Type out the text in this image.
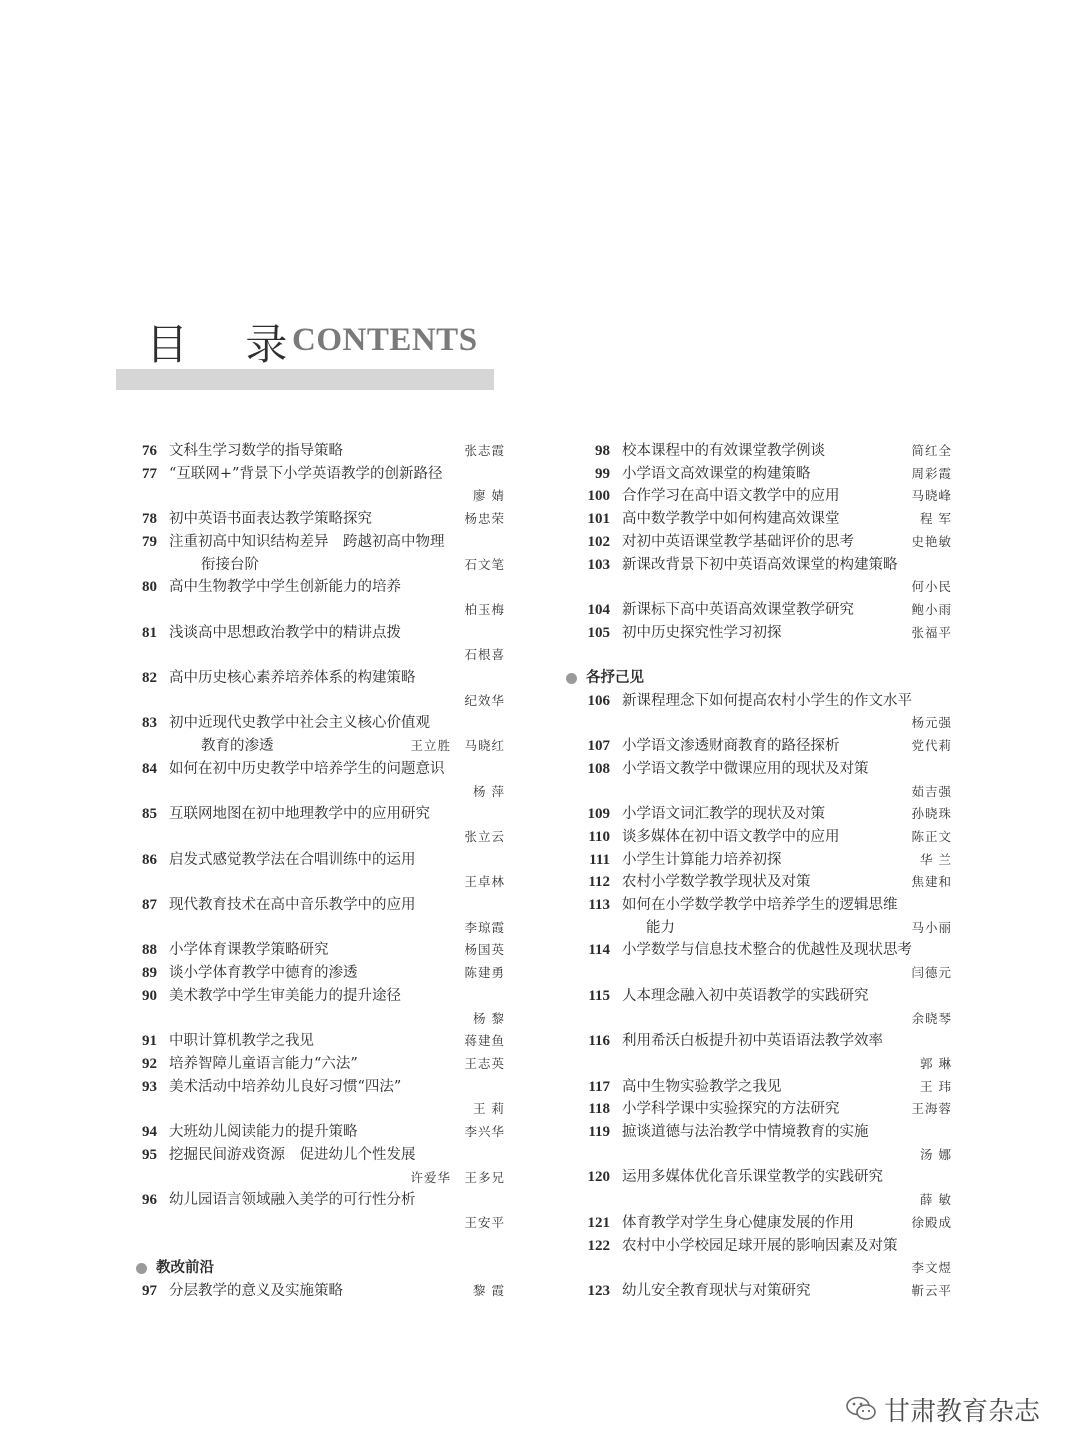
目 录
CONTENTS
76 文科生学习数学的指导策略	张志霞
77 “互联网+”背景下小学英语教学的创新路径
廖 婧
78 初中英语书面表达教学策略探究	杨忠荣
79 注重初高中知识结构差异　跨越初高中物理
衔接台阶	石文笔
80 高中生物教学中学生创新能力的培养
柏玉梅
81 浅谈高中思想政治教学中的精讲点拨
石根喜
82 高中历史核心素养培养体系的构建策略
纪效华
83 初中近现代史教学中社会主义核心价值观
教育的渗透	王立胜　马晓红
84 如何在初中历史教学中培养学生的问题意识
杨 萍
85 互联网地图在初中地理教学中的应用研究
张立云
86 启发式感觉教学法在合唱训练中的运用
王卓林
87 现代教育技术在高中音乐教学中的应用
李琼霞
88 小学体育课教学策略研究	杨国英
89 谈小学体育教学中德育的渗透	陈建勇
90 美术教学中学生审美能力的提升途径
杨 黎
91 中职计算机教学之我见	蒋建鱼
92 培养智障儿童语言能力“六法”	王志英
93 美术活动中培养幼儿良好习惯“四法”
王 莉
94 大班幼儿阅读能力的提升策略	李兴华
95 挖掘民间游戏资源　促进幼儿个性发展
许爱华　王多兄
96 幼儿园语言领域融入美学的可行性分析
王安平
教改前沿
97 分层教学的意义及实施策略	黎 霞
98 校本课程中的有效课堂教学例谈	简红全
99 小学语文高效课堂的构建策略	周彩霞
100 合作学习在高中语文教学中的应用	马晓峰
101 高中数学教学中如何构建高效课堂	程 军
102 对初中英语课堂教学基础评价的思考	史艳敏
103 新课改背景下初中英语高效课堂的构建策略
何小民
104 新课标下高中英语高效课堂教学研究	鲍小雨
105 初中历史探究性学习初探	张福平
各抒己见
106 新课程理念下如何提高农村小学生的作文水平
杨元强
107 小学语文渗透财商教育的路径探析	党代莉
108 小学语文教学中微课应用的现状及对策
茹吉强
109 小学语文词汇教学的现状及对策	孙晓珠
110 谈多媒体在初中语文教学中的应用	陈正文
111 小学生计算能力培养初探	华 兰
112 农村小学数学教学现状及对策	焦建和
113 如何在小学数学教学中培养学生的逻辑思维
能力	马小丽
114 小学数学与信息技术整合的优越性及现状思考
闫德元
115 人本理念融入初中英语教学的实践研究
余晓琴
116 利用希沃白板提升初中英语语法教学效率
郭 琳
117 高中生物实验教学之我见	王 玮
118 小学科学课中实验探究的方法研究	王海蓉
119 摭谈道德与法治教学中情境教育的实施
汤 娜
120 运用多媒体优化音乐课堂教学的实践研究
薛 敏
121 体育教学对学生身心健康发展的作用	徐殿成
122 农村中小学校园足球开展的影响因素及对策
李文煜
123 幼儿安全教育现状与对策研究	靳云平
甘肃教育杂志
